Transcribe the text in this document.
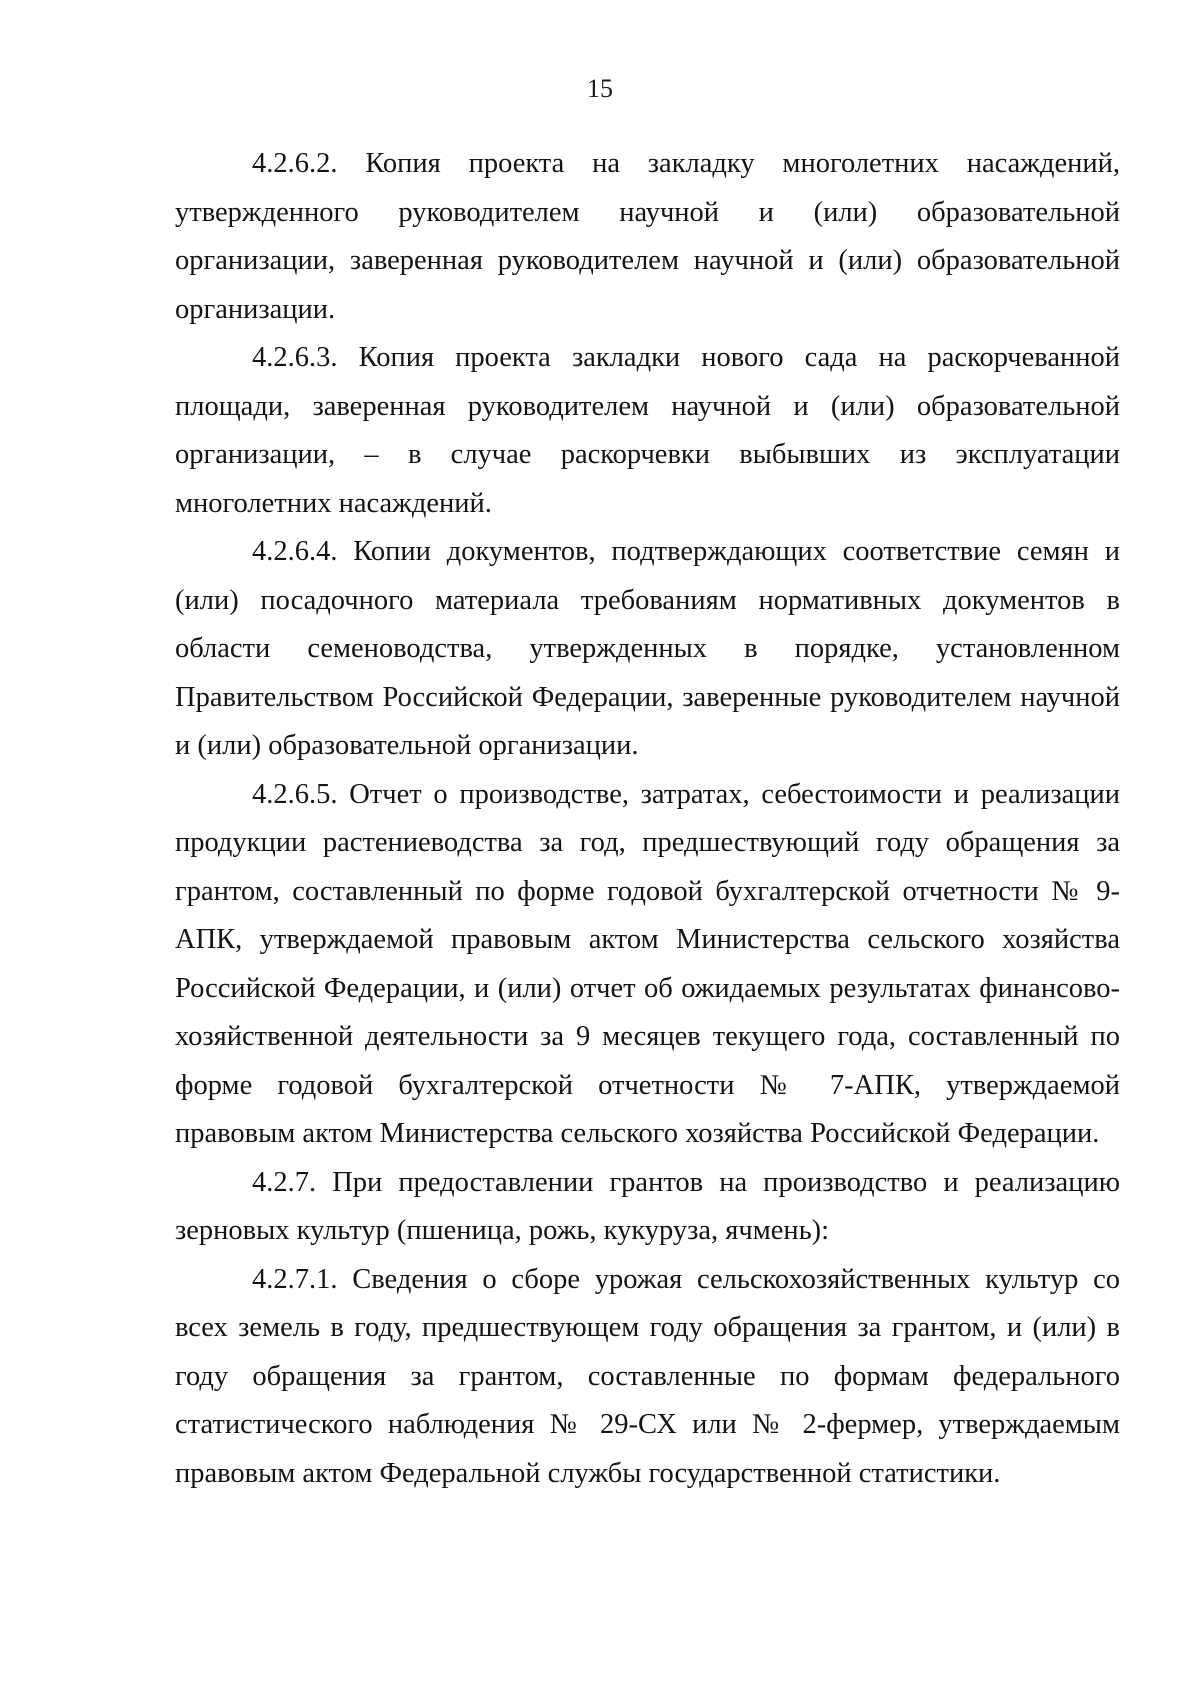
15

4.2.6.2. Копия проекта на закладку многолетних насаждений, утвержденного руководителем научной и (или) образовательной организации, заверенная руководителем научной и (или) образовательной организации.

4.2.6.3. Копия проекта закладки нового сада на раскорчеванной площади, заверенная руководителем научной и (или) образовательной организации, – в случае раскорчевки выбывших из эксплуатации многолетних насаждений.

4.2.6.4. Копии документов, подтверждающих соответствие семян и (или) посадочного материала требованиям нормативных документов в области семеноводства, утвержденных в порядке, установленном Правительством Российской Федерации, заверенные руководителем научной и (или) образовательной организации.

4.2.6.5. Отчет о производстве, затратах, себестоимости и реализации продукции растениеводства за год, предшествующий году обращения за грантом, составленный по форме годовой бухгалтерской отчетности № 9-АПК, утверждаемой правовым актом Министерства сельского хозяйства Российской Федерации, и (или) отчет об ожидаемых результатах финансово-хозяйственной деятельности за 9 месяцев текущего года, составленный по форме годовой бухгалтерской отчетности № 7-АПК, утверждаемой правовым актом Министерства сельского хозяйства Российской Федерации.

4.2.7. При предоставлении грантов на производство и реализацию зерновых культур (пшеница, рожь, кукуруза, ячмень):

4.2.7.1. Сведения о сборе урожая сельскохозяйственных культур со всех земель в году, предшествующем году обращения за грантом, и (или) в году обращения за грантом, составленные по формам федерального статистического наблюдения № 29-СХ или № 2-фермер, утверждаемым правовым актом Федеральной службы государственной статистики.
